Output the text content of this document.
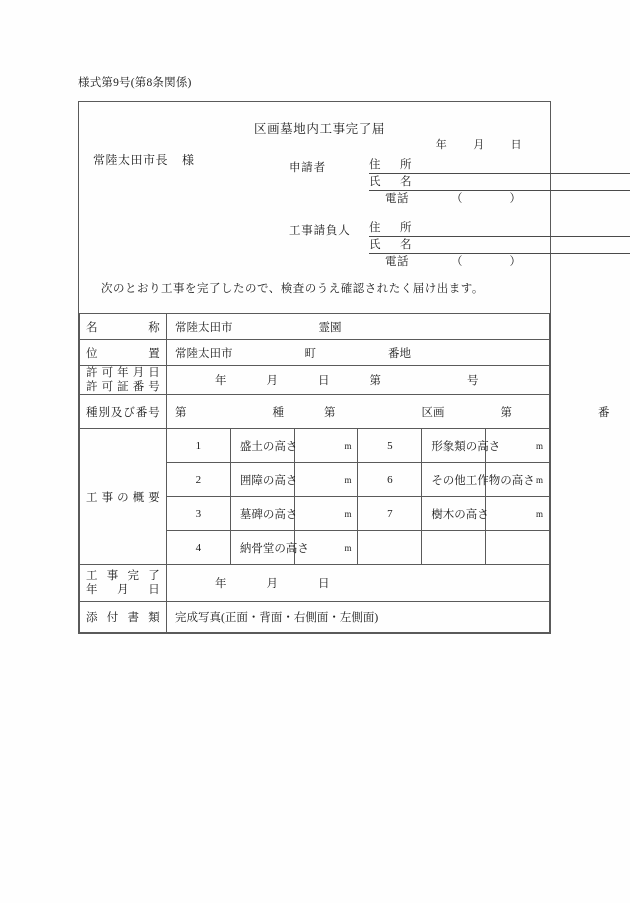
様式第9号(第8条関係)
区画墓地内工事完了届
年 月 日
常陸太田市長 様
申請者	住　所
氏　名
電話	（　　）
工事請負人	住　所
氏　名
電話	（　　）
次のとおり工事を完了したので、検査のうえ確認されたく届け出ます。
名称	常陸太田市 霊園					

位置	常陸太田市 町 番地					

許可年月日
許可証番号	年 月 日 第 号					

種別及び番号	第 種 第 区画 第 番					

工事の概要	1	盛土の高さ	m	5	形象類の高さ	m
	2	囲障の高さ	m	6	その他工作物の高さ	m
	3	墓碑の高さ	m	7	樹木の高さ	m
	4	納骨堂の高さ	m			

工事完了
年　月　日	年 月 日					

添付書類	完成写真(正面・背面・右側面・左側面)					
